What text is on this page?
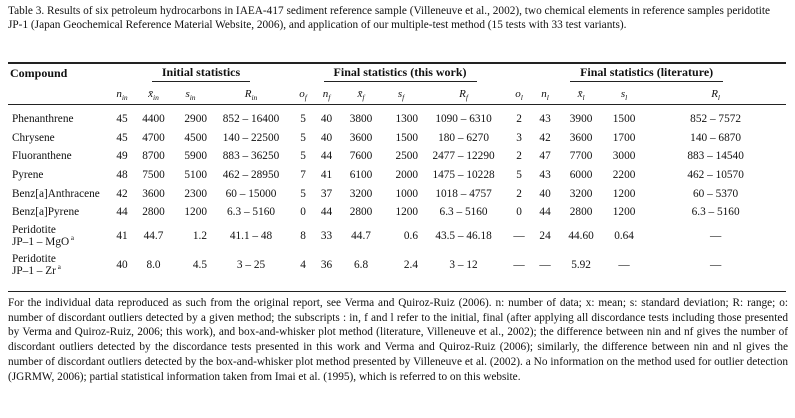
Table 3. Results of six petroleum hydrocarbons in IAEA-417 sediment reference sample (Villeneuve et al., 2002), two chemical elements in reference samples peridotite JP-1 (Japan Geochemical Reference Material Website, 2006), and application of our multiple-test method (15 tests with 33 test variants).
Compound	Initial statistics				Final statistics (this work)					Final statistics (literature)				
	$n_{in}$	$x̄_{in}$	$s_{in}$	$R_{in}$	$o_f$	$n_f$	$x̄_f$	$s_f$	$R_f$	$o_l$	$n_l$	$x̄_l$	$s_l$	$R_l$
Phenanthrene	45	4400	2900	852 – 16400	5	40	3800	1300	1090 – 6310	2	43	3900	1500	852 – 7572
Chrysene	45	4700	4500	140 – 22500	5	40	3600	1500	180 – 6270	3	42	3600	1700	140 – 6870
Fluoranthene	49	8700	5900	883 – 36250	5	44	7600	2500	2477 – 12290	2	47	7700	3000	883 – 14540
Pyrene	48	7500	5100	462 – 28950	7	41	6100	2000	1475 – 10228	5	43	6000	2200	462 – 10570
Benz[a]Anthracene	42	3600	2300	60 – 15000	5	37	3200	1000	1018 – 4757	2	40	3200	1200	60 – 5370
Benz[a]Pyrene	44	2800	1200	6.3 – 5160	0	44	2800	1200	6.3 – 5160	0	44	2800	1200	6.3 – 5160
Peridotite
JP–1 – MgO $^a$	41	44.7	1.2	41.1 – 48	8	33	44.7	0.6	43.5 – 46.18	—	24	44.60	0.64	—
Peridotite
JP–1 – Zr $^a$	40	8.0	4.5	3 – 25	4	36	6.8	2.4	3 – 12	—	—	5.92	—	—
For the individual data reproduced as such from the original report, see Verma and Quiroz-Ruiz (2006). n: number of data; x: mean; s: standard deviation; R: range; o: number of discordant outliers detected by a given method; the subscripts : in, f and l refer to the initial, final (after applying all discordance tests including those presented by Verma and Quiroz-Ruiz, 2006; this work), and box-and-whisker plot method (literature, Villeneuve et al., 2002); the difference between nin and nf gives the number of discordant outliers detected by the discordance tests presented in this work and Verma and Quiroz-Ruiz (2006); similarly, the difference between nin and nl gives the number of discordant outliers detected by the box-and-whisker plot method presented by Villeneuve et al. (2002). a No information on the method used for outlier detection (JGRMW, 2006); partial statistical information taken from Imai et al. (1995), which is referred to on this website.
